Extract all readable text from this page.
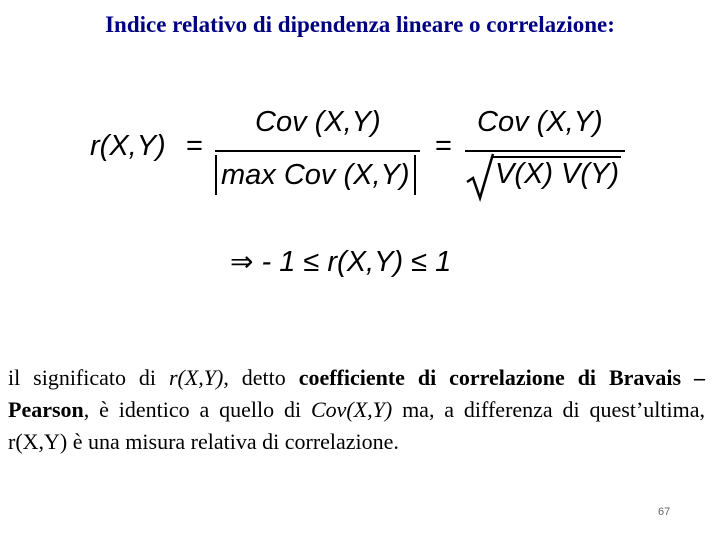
Indice relativo di dipendenza lineare o correlazione:
r(X,Y) =
Cov (X,Y)
max Cov (X,Y)
=
Cov (X,Y)
V(X) V(Y)
⇒ - 1 ≤ r(X,Y) ≤ 1
il significato di r(X,Y), detto coefficiente di correlazione di Bravais – Pearson, è identico a quello di Cov(X,Y) ma, a differenza di quest’ultima, r(X,Y) è una misura relativa di correlazione.
67
